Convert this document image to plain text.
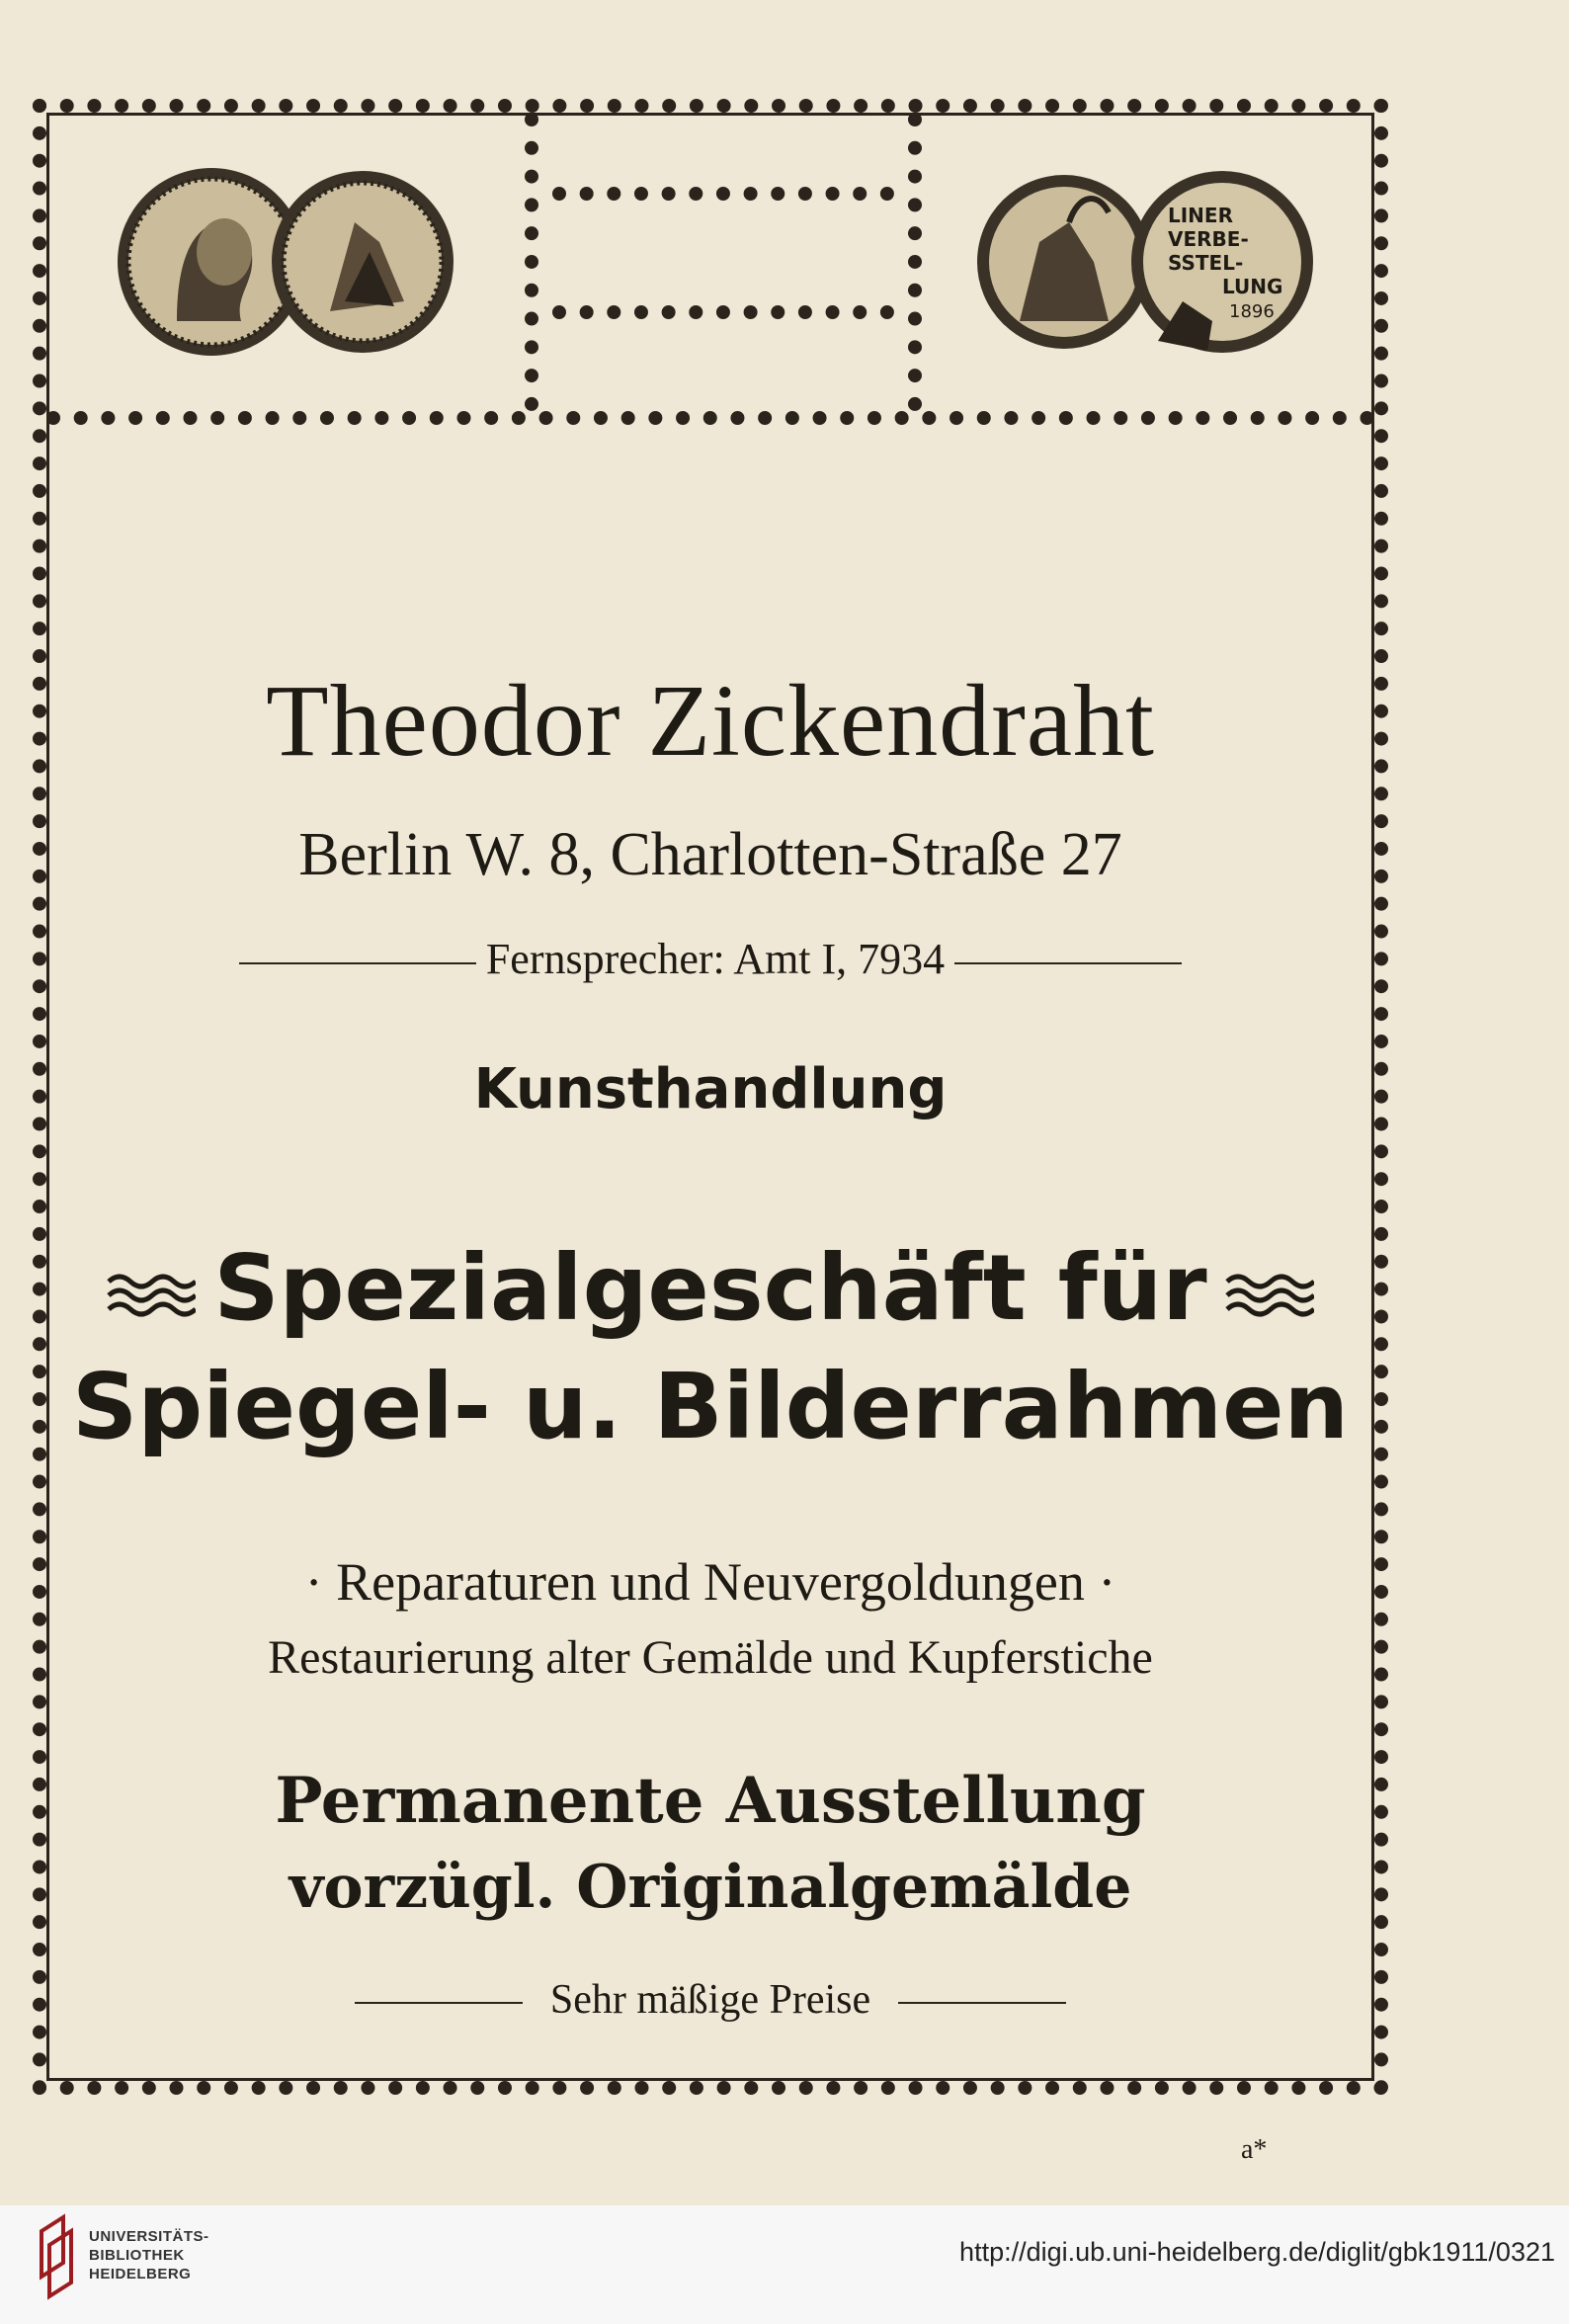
LINER
VERBE-
SSTEL-
LUNG
1896
Theodor Zickendraht
Berlin W. 8, Charlotten-Straße 27
Fernsprecher: Amt I, 7934
Kunsthandlung
Spezialgeschäft für
Spiegel- u. Bilderrahmen
· Reparaturen und Neuvergoldungen ·
Restaurierung alter Gemälde und Kupferstiche
Permanente Ausstellung
vorzügl. Originalgemälde
Sehr mäßige Preise
a*
UNIVERSITÄTS-
BIBLIOTHEK
HEIDELBERG
http://digi.ub.uni-heidelberg.de/diglit/gbk1911/0321
